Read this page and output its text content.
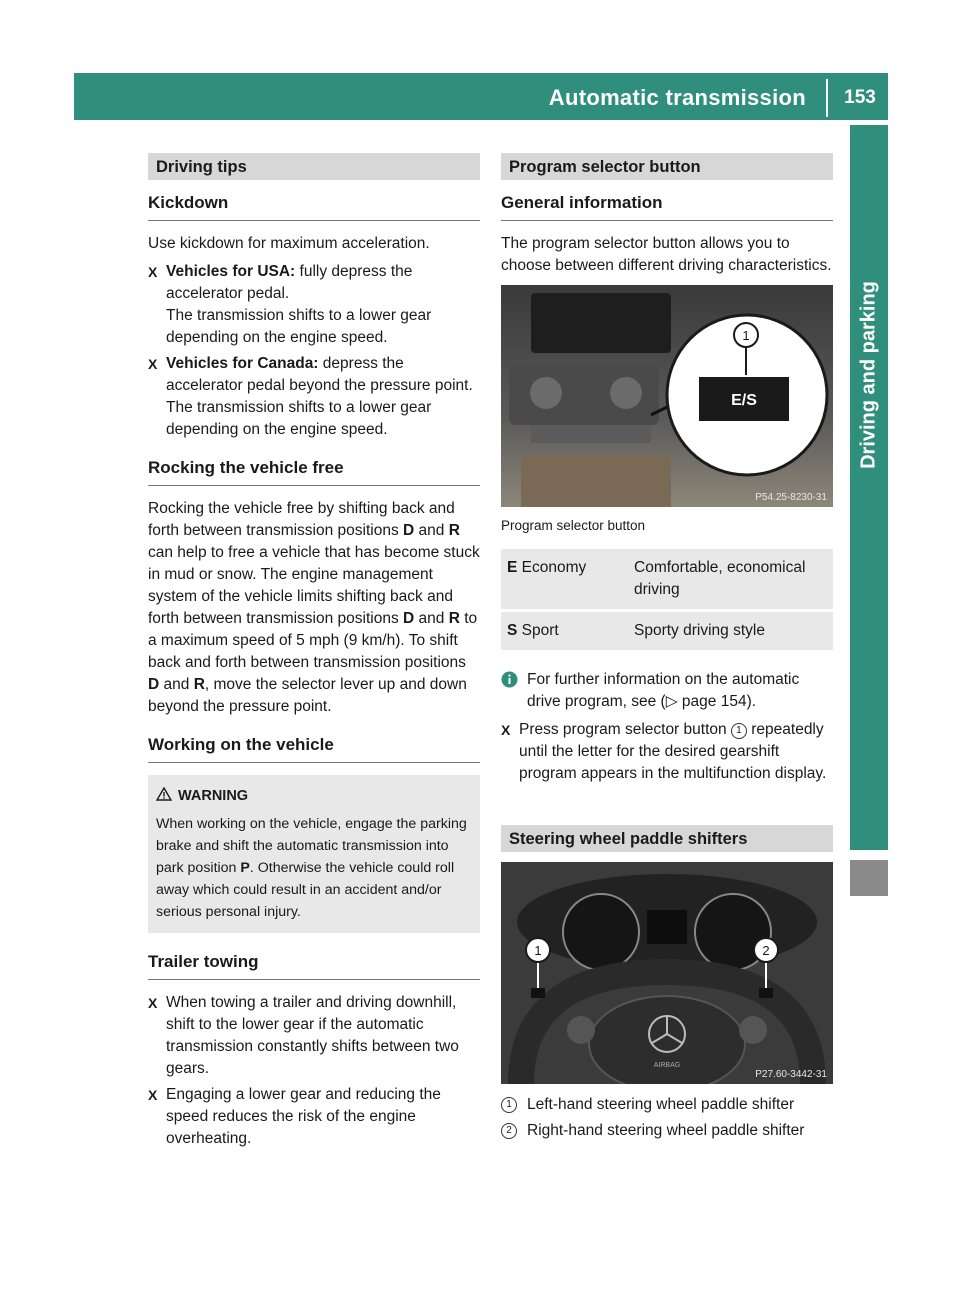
Automatic transmission	153
Driving and parking
Driving tips
Kickdown

Use kickdown for maximum acceleration.

X Vehicles for USA: fully depress the accelerator pedal.

The transmission shifts to a lower gear depending on the engine speed.

X Vehicles for Canada: depress the accelerator pedal beyond the pressure point.

The transmission shifts to a lower gear depending on the engine speed.

Rocking the vehicle free

Rocking the vehicle free by shifting back and forth between transmission positions D and R can help to free a vehicle that has become stuck in mud or snow. The engine management system of the vehicle limits shifting back and forth between transmission positions D and R to a maximum speed of 5 mph (9 km/h). To shift back and forth between transmission positions D and R, move the selector lever up and down beyond the pressure point.

Working on the vehicle
WARNING

When working on the vehicle, engage the parking brake and shift the automatic transmission into park position P. Otherwise the vehicle could roll away which could result in an accident and/or serious personal injury.

Trailer towing
X When towing a trailer and driving downhill, shift to the lower gear if the automatic transmission constantly shifts between two gears.

X Engaging a lower gear and reducing the speed reduces the risk of the engine overheating.

Program selector button
General information

The program selector button allows you to choose between different driving characteristics.

E/S
1
P54.25-8230-31

Program selector button

E Economy	Comfortable, economical driving
S Sport	Sporty driving style

For further information on the automatic drive program, see (▷ page 154).

X Press program selector button 1 repeatedly until the letter for the desired gearshift program appears in the multifunction display.

Steering wheel paddle shifters
AIRBAG
1	2
P27.60-3442-31
1 Left-hand steering wheel paddle shifter

2 Right-hand steering wheel paddle shifter
